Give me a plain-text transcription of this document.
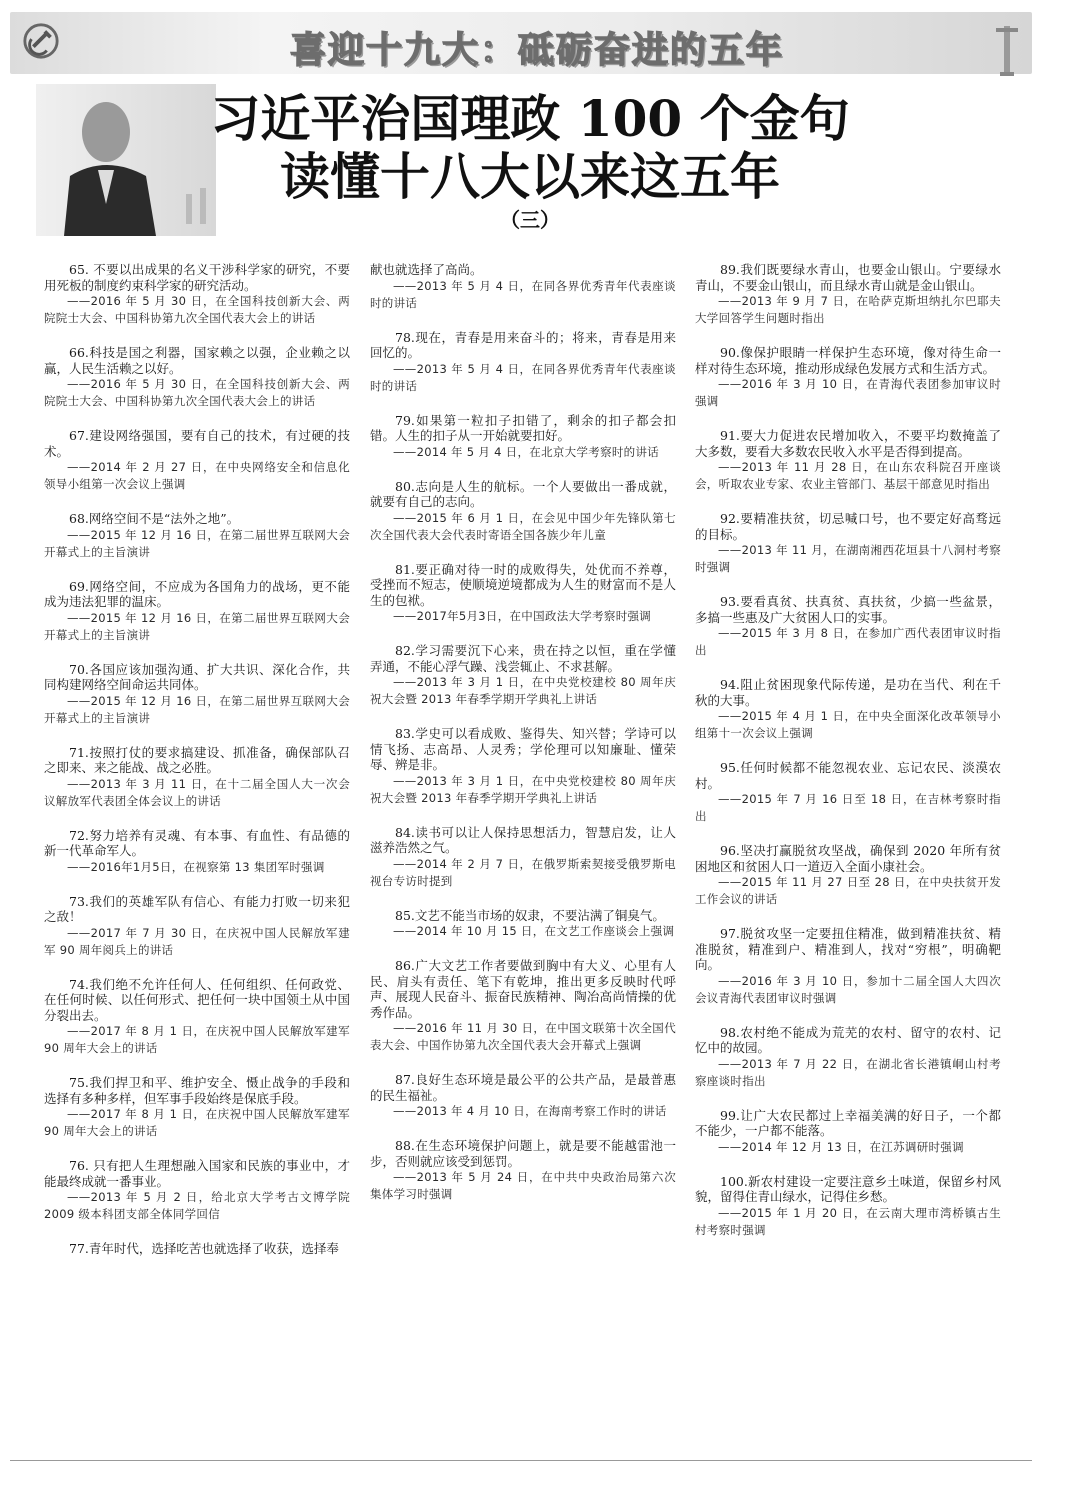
喜迎十九大：砥砺奋进的五年
习近平治国理政 100 个金句
读懂十八大以来这五年
（三）

65. 不要以出成果的名义干涉科学家的研究，不要用死板的制度约束科学家的研究活动。

——2016 年 5 月 30 日，在全国科技创新大会、两院院士大会、中国科协第九次全国代表大会上的讲话

66.科技是国之利器，国家赖之以强，企业赖之以赢，人民生活赖之以好。

——2016 年 5 月 30 日，在全国科技创新大会、两院院士大会、中国科协第九次全国代表大会上的讲话

67.建设网络强国，要有自己的技术，有过硬的技术。

——2014 年 2 月 27 日，在中央网络安全和信息化领导小组第一次会议上强调

68.网络空间不是“法外之地”。

——2015 年 12 月 16 日，在第二届世界互联网大会开幕式上的主旨演讲

69.网络空间，不应成为各国角力的战场，更不能成为违法犯罪的温床。

——2015 年 12 月 16 日，在第二届世界互联网大会开幕式上的主旨演讲

70.各国应该加强沟通、扩大共识、深化合作，共同构建网络空间命运共同体。

——2015 年 12 月 16 日，在第二届世界互联网大会开幕式上的主旨演讲

71.按照打仗的要求搞建设、抓准备，确保部队召之即来、来之能战、战之必胜。

——2013 年 3 月 11 日，在十二届全国人大一次会议解放军代表团全体会议上的讲话

72.努力培养有灵魂、有本事、有血性、有品德的新一代革命军人。

——2016年1月5日，在视察第 13 集团军时强调

73.我们的英雄军队有信心、有能力打败一切来犯之敌！

——2017 年 7 月 30 日，在庆祝中国人民解放军建军 90 周年阅兵上的讲话

74.我们绝不允许任何人、任何组织、任何政党、在任何时候、以任何形式、把任何一块中国领土从中国分裂出去。

——2017 年 8 月 1 日，在庆祝中国人民解放军建军 90 周年大会上的讲话

75.我们捍卫和平、维护安全、慑止战争的手段和选择有多种多样，但军事手段始终是保底手段。

——2017 年 8 月 1 日，在庆祝中国人民解放军建军 90 周年大会上的讲话

76. 只有把人生理想融入国家和民族的事业中，才能最终成就一番事业。

——2013 年 5 月 2 日，给北京大学考古文博学院 2009 级本科团支部全体同学回信

77.青年时代，选择吃苦也就选择了收获，选择奉

献也就选择了高尚。

——2013 年 5 月 4 日，在同各界优秀青年代表座谈时的讲话

78.现在，青春是用来奋斗的；将来，青春是用来回忆的。

——2013 年 5 月 4 日，在同各界优秀青年代表座谈时的讲话

79.如果第一粒扣子扣错了，剩余的扣子都会扣错。人生的扣子从一开始就要扣好。

——2014 年 5 月 4 日，在北京大学考察时的讲话

80.志向是人生的航标。一个人要做出一番成就，就要有自己的志向。

——2015 年 6 月 1 日，在会见中国少年先锋队第七次全国代表大会代表时寄语全国各族少年儿童

81.要正确对待一时的成败得失，处优而不养尊，受挫而不短志，使顺境逆境都成为人生的财富而不是人生的包袱。

——2017年5月3日，在中国政法大学考察时强调

82.学习需要沉下心来，贵在持之以恒，重在学懂弄通，不能心浮气躁、浅尝辄止、不求甚解。

——2013 年 3 月 1 日，在中央党校建校 80 周年庆祝大会暨 2013 年春季学期开学典礼上讲话

83.学史可以看成败、鉴得失、知兴替；学诗可以情飞扬、志高昂、人灵秀；学伦理可以知廉耻、懂荣辱、辨是非。

——2013 年 3 月 1 日，在中央党校建校 80 周年庆祝大会暨 2013 年春季学期开学典礼上讲话

84.读书可以让人保持思想活力，智慧启发，让人滋养浩然之气。

——2014 年 2 月 7 日，在俄罗斯索契接受俄罗斯电视台专访时提到

85.文艺不能当市场的奴隶，不要沾满了铜臭气。

——2014 年 10 月 15 日，在文艺工作座谈会上强调

86.广大文艺工作者要做到胸中有大义、心里有人民、肩头有责任、笔下有乾坤，推出更多反映时代呼声、展现人民奋斗、振奋民族精神、陶冶高尚情操的优秀作品。

——2016 年 11 月 30 日，在中国文联第十次全国代表大会、中国作协第九次全国代表大会开幕式上强调

87.良好生态环境是最公平的公共产品，是最普惠的民生福祉。

——2013 年 4 月 10 日，在海南考察工作时的讲话

88.在生态环境保护问题上，就是要不能越雷池一步，否则就应该受到惩罚。

——2013 年 5 月 24 日，在中共中央政治局第六次集体学习时强调

89.我们既要绿水青山，也要金山银山。宁要绿水青山，不要金山银山，而且绿水青山就是金山银山。

——2013 年 9 月 7 日，在哈萨克斯坦纳扎尔巴耶夫大学回答学生问题时指出

90.像保护眼睛一样保护生态环境，像对待生命一样对待生态环境，推动形成绿色发展方式和生活方式。

——2016 年 3 月 10 日，在青海代表团参加审议时强调

91.要大力促进农民增加收入，不要平均数掩盖了大多数，要看大多数农民收入水平是否得到提高。

——2013 年 11 月 28 日，在山东农科院召开座谈会，听取农业专家、农业主管部门、基层干部意见时指出

92.要精准扶贫，切忌喊口号，也不要定好高骛远的目标。

——2013 年 11 月，在湖南湘西花垣县十八洞村考察时强调

93.要看真贫、扶真贫、真扶贫，少搞一些盆景，多搞一些惠及广大贫困人口的实事。

——2015 年 3 月 8 日，在参加广西代表团审议时指出

94.阻止贫困现象代际传递，是功在当代、利在千秋的大事。

——2015 年 4 月 1 日，在中央全面深化改革领导小组第十一次会议上强调

95.任何时候都不能忽视农业、忘记农民、淡漠农村。

——2015 年 7 月 16 日至 18 日，在吉林考察时指出

96.坚决打赢脱贫攻坚战，确保到 2020 年所有贫困地区和贫困人口一道迈入全面小康社会。

——2015 年 11 月 27 日至 28 日，在中央扶贫开发工作会议的讲话

97.脱贫攻坚一定要扭住精准，做到精准扶贫、精准脱贫，精准到户、精准到人，找对“穷根”，明确靶向。

——2016 年 3 月 10 日，参加十二届全国人大四次会议青海代表团审议时强调

98.农村绝不能成为荒芜的农村、留守的农村、记忆中的故园。

——2013 年 7 月 22 日，在湖北省长港镇峒山村考察座谈时指出

99.让广大农民都过上幸福美满的好日子，一个都不能少，一户都不能落。

——2014 年 12 月 13 日，在江苏调研时强调

100.新农村建设一定要注意乡土味道，保留乡村风貌，留得住青山绿水，记得住乡愁。

——2015 年 1 月 20 日，在云南大理市湾桥镇古生村考察时强调
